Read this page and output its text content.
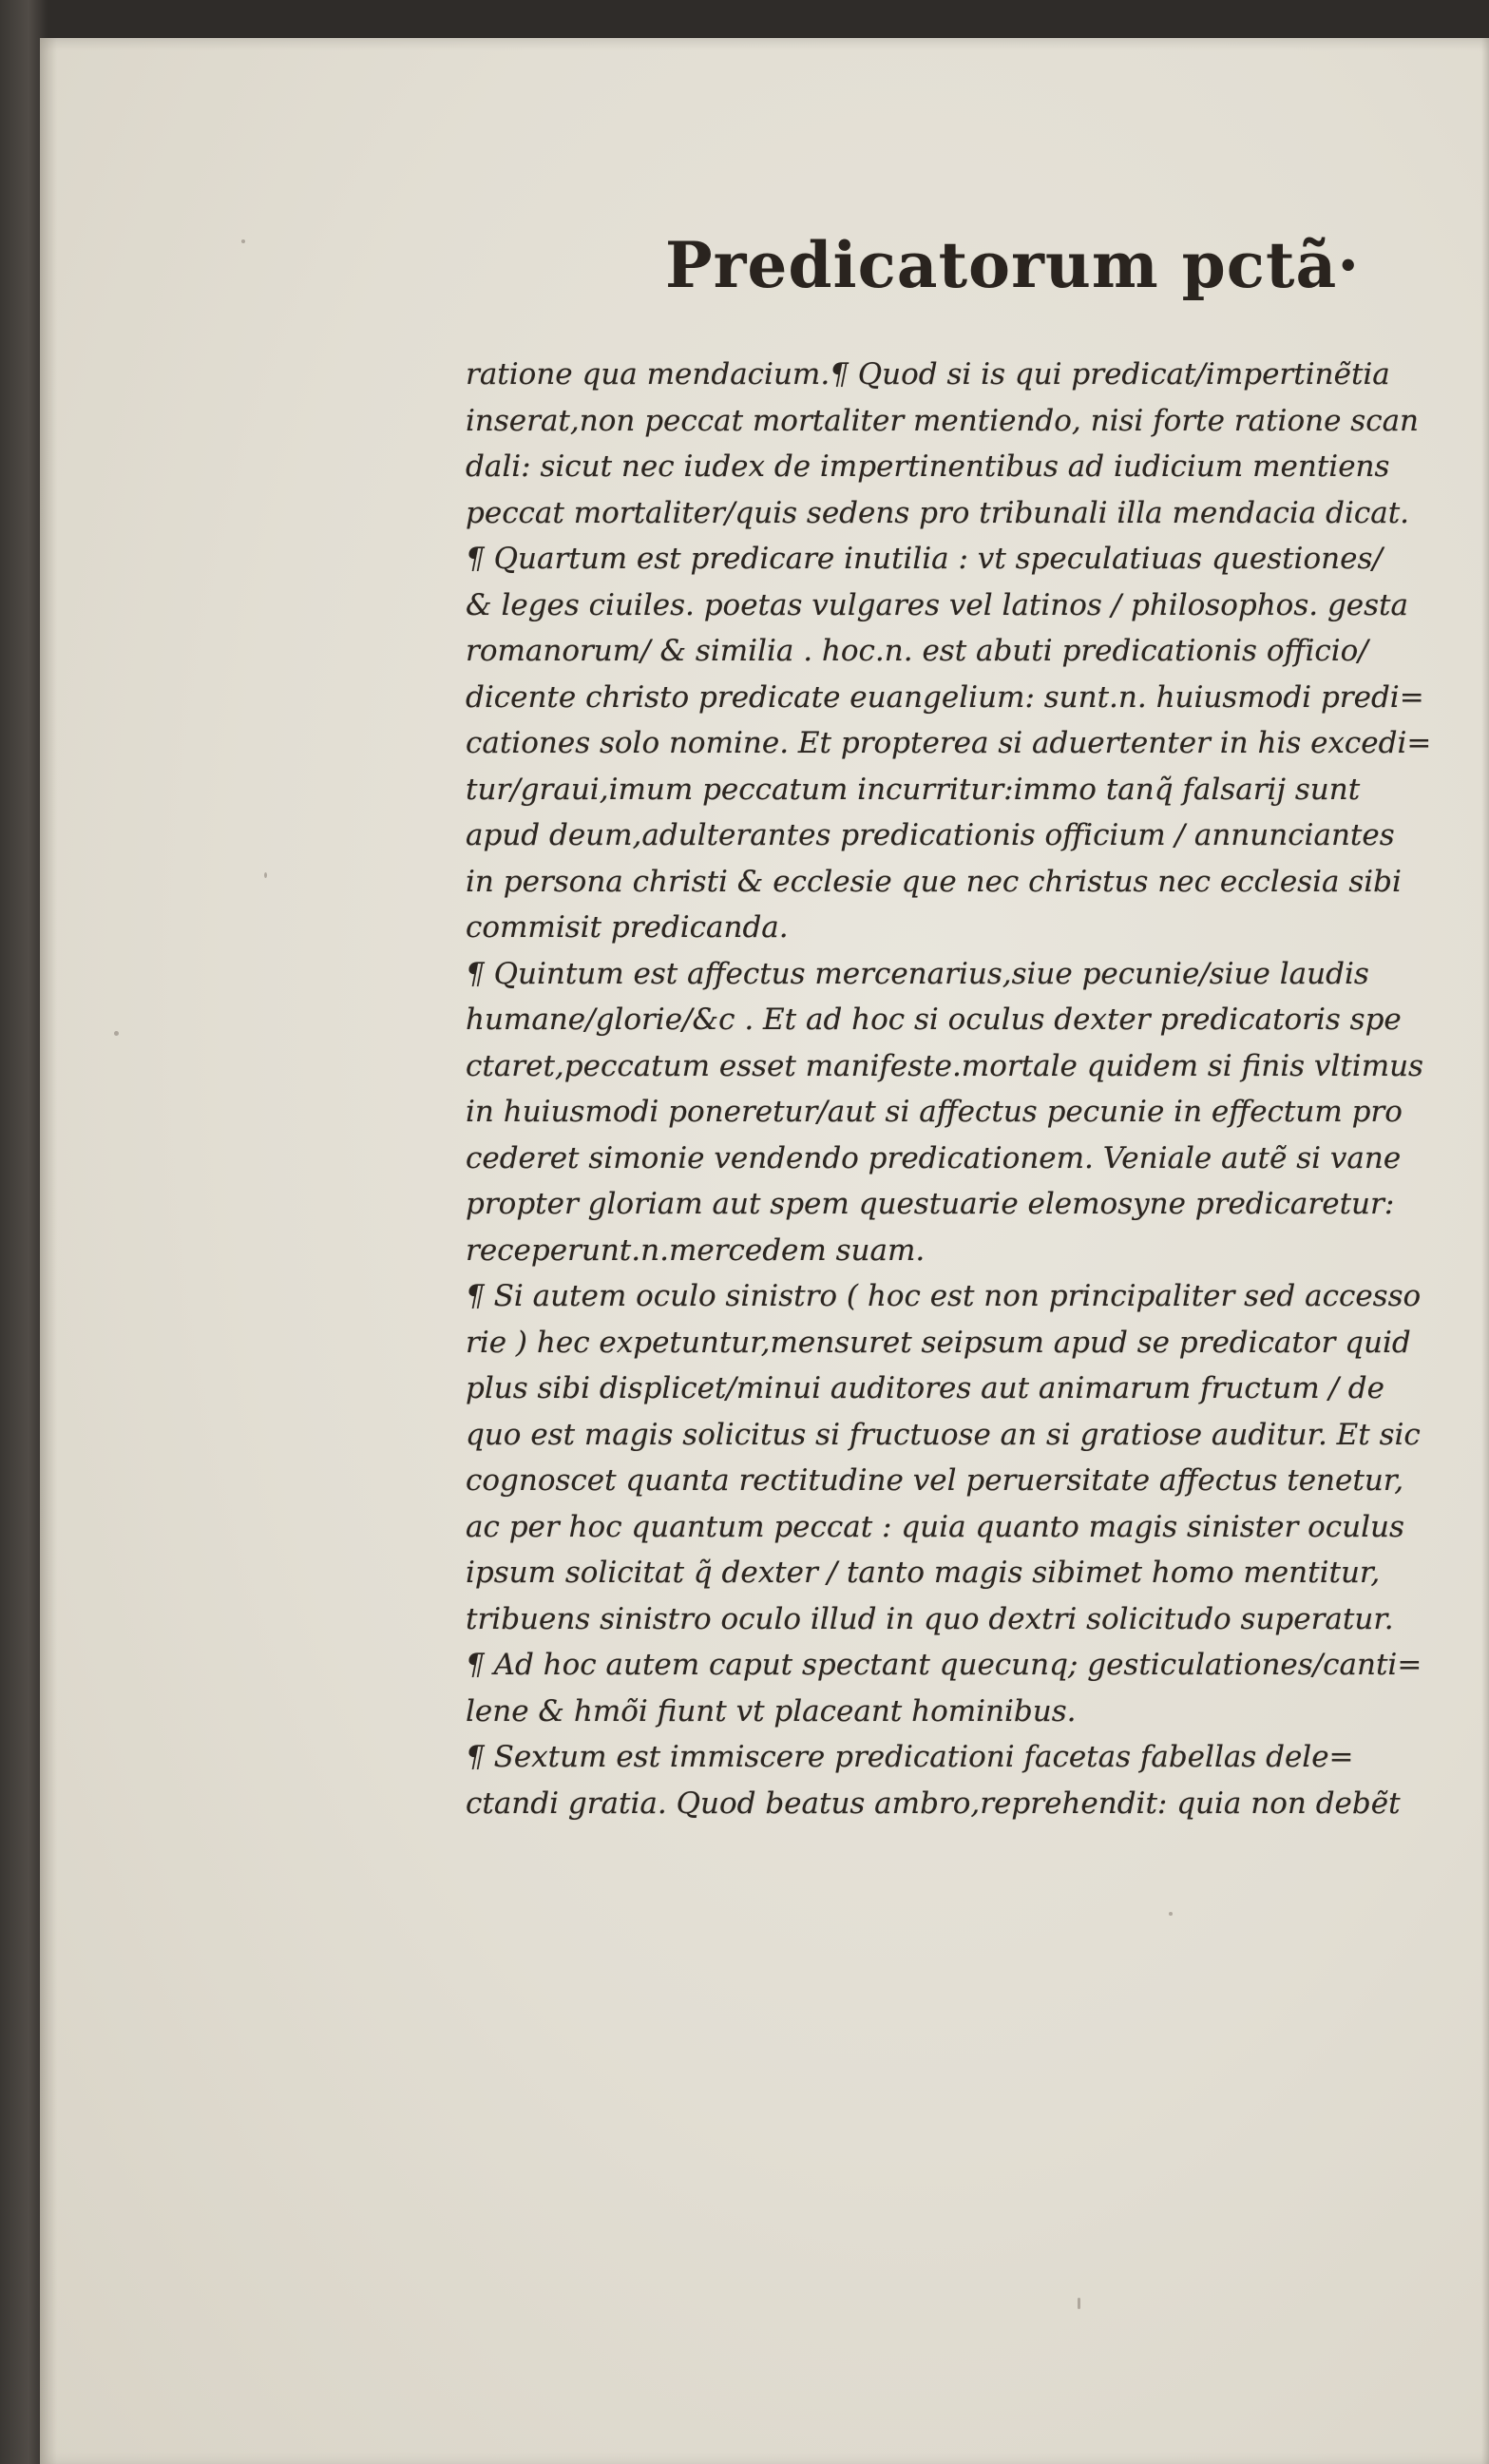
Predicatorum pctã·
ratione qua mendacium.¶ Quod si is qui predicat/impertinẽtia
inserat,non peccat mortaliter mentiendo, nisi forte ratione scan
dali: sicut nec iudex de impertinentibus ad iudicium mentiens
peccat mortaliter/quis sedens pro tribunali illa mendacia dicat.
¶ Quartum est predicare inutilia : vt speculatiuas questiones/
& leges ciuiles. poetas vulgares vel latinos / philosophos. gesta
romanorum/ & similia . hoc.n. est abuti predicationis officio/
dicente christo predicate euangelium: sunt.n. huiusmodi predi=
cationes solo nomine. Et propterea si aduertenter in his excedi=
tur/graui,imum peccatum incurritur:immo tanq̃ falsarij sunt
apud deum,adulterantes predicationis officium / annunciantes
in persona christi & ecclesie que nec christus nec ecclesia sibi
commisit predicanda.
¶ Quintum est affectus mercenarius,siue pecunie/siue laudis
humane/glorie/&c . Et ad hoc si oculus dexter predicatoris spe
ctaret,peccatum esset manifeste.mortale quidem si finis vltimus
in huiusmodi poneretur/aut si affectus pecunie in effectum pro
cederet simonie vendendo predicationem. Veniale autẽ si vane
propter gloriam aut spem questuarie elemosyne predicaretur:
receperunt.n.mercedem suam.
¶ Si autem oculo sinistro ( hoc est non principaliter sed accesso
rie ) hec expetuntur,mensuret seipsum apud se predicator quid
plus sibi displicet/minui auditores aut animarum fructum / de
quo est magis solicitus si fructuose an si gratiose auditur. Et sic
cognoscet quanta rectitudine vel peruersitate affectus tenetur,
ac per hoc quantum peccat : quia quanto magis sinister oculus
ipsum solicitat q̃ dexter / tanto magis sibimet homo mentitur,
tribuens sinistro oculo illud in quo dextri solicitudo superatur.
¶ Ad hoc autem caput spectant quecunq; gesticulationes/canti=
lene & hmõi fiunt vt placeant hominibus.
¶ Sextum est immiscere predicationi facetas fabellas dele=
ctandi gratia. Quod beatus ambro,reprehendit: quia non debẽt
